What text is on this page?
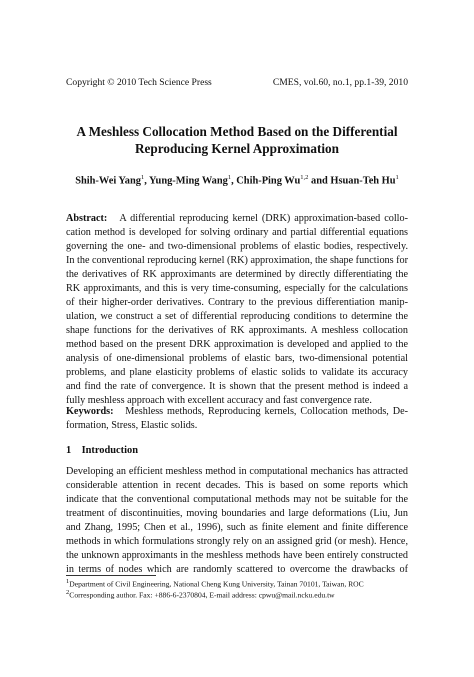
Copyright © 2010 Tech Science Press	CMES, vol.60, no.1, pp.1-39, 2010

A Meshless Collocation Method Based on the Differential

Reproducing Kernel Approximation

Shih-Wei Yang$^1$, Yung-Ming Wang$^1$, Chih-Ping Wu$^{1,2}$ and Hsuan-Teh Hu$^1$

Abstract: A differential reproducing kernel (DRK) approximation-based collo-

cation method is developed for solving ordinary and partial differential equations

governing the one- and two-dimensional problems of elastic bodies, respectively.

In the conventional reproducing kernel (RK) approximation, the shape functions for

the derivatives of RK approximants are determined by directly differentiating the

RK approximants, and this is very time-consuming, especially for the calculations

of their higher-order derivatives. Contrary to the previous differentiation manip-

ulation, we construct a set of differential reproducing conditions to determine the

shape functions for the derivatives of RK approximants. A meshless collocation

method based on the present DRK approximation is developed and applied to the

analysis of one-dimensional problems of elastic bars, two-dimensional potential

problems, and plane elasticity problems of elastic solids to validate its accuracy

and find the rate of convergence. It is shown that the present method is indeed a

fully meshless approach with excellent accuracy and fast convergence rate.

Keywords: Meshless methods, Reproducing kernels, Collocation methods, De-

formation, Stress, Elastic solids.

1 Introduction

Developing an efficient meshless method in computational mechanics has attracted

considerable attention in recent decades. This is based on some reports which

indicate that the conventional computational methods may not be suitable for the

treatment of discontinuities, moving boundaries and large deformations (Liu, Jun

and Zhang, 1995; Chen et al., 1996), such as finite element and finite difference

methods in which formulations strongly rely on an assigned grid (or mesh). Hence,

the unknown approximants in the meshless methods have been entirely constructed

in terms of nodes which are randomly scattered to overcome the drawbacks of

$^1$Department of Civil Engineering, National Cheng Kung University, Tainan 70101, Taiwan, ROC

$^2$Corresponding author. Fax: +886-6-2370804, E-mail address: cpwu@mail.ncku.edu.tw
